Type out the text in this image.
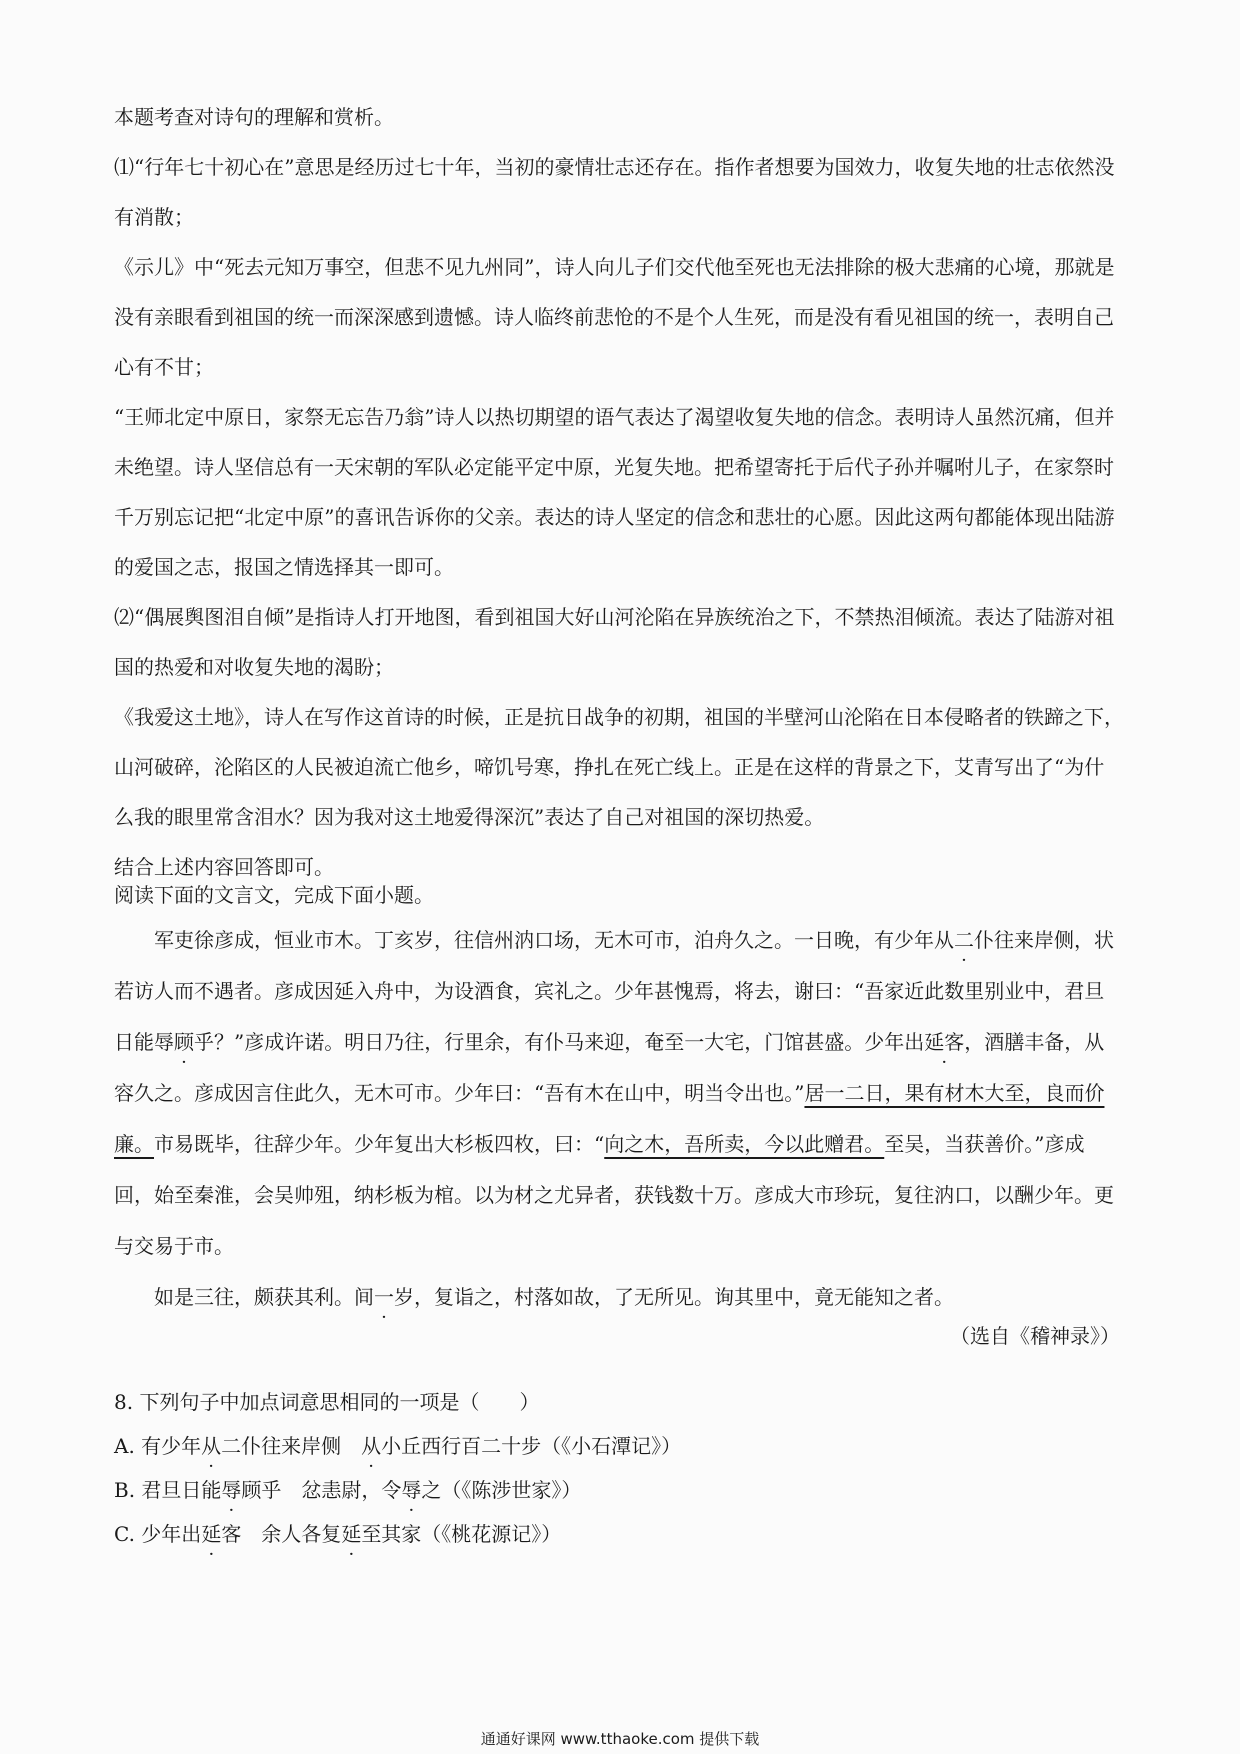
本题考查对诗句的理解和赏析。

⑴“行年七十初心在”意思是经历过七十年，当初的豪情壮志还存在。指作者想要为国效力，收复失地的壮志依然没有消散；

《示儿》中“死去元知万事空，但悲不见九州同”，诗人向儿子们交代他至死也无法排除的极大悲痛的心境，那就是没有亲眼看到祖国的统一而深深感到遗憾。诗人临终前悲怆的不是个人生死，而是没有看见祖国的统一，表明自己心有不甘；

“王师北定中原日，家祭无忘告乃翁”诗人以热切期望的语气表达了渴望收复失地的信念。表明诗人虽然沉痛，但并未绝望。诗人坚信总有一天宋朝的军队必定能平定中原，光复失地。把希望寄托于后代子孙并嘱咐儿子，在家祭时千万别忘记把“北定中原”的喜讯告诉你的父亲。表达的诗人坚定的信念和悲壮的心愿。因此这两句都能体现出陆游的爱国之志，报国之情选择其一即可。

⑵“偶展舆图泪自倾”是指诗人打开地图，看到祖国大好山河沦陷在异族统治之下，不禁热泪倾流。表达了陆游对祖国的热爱和对收复失地的渴盼；

《我爱这土地》，诗人在写作这首诗的时候，正是抗日战争的初期，祖国的半壁河山沦陷在日本侵略者的铁蹄之下，山河破碎，沦陷区的人民被迫流亡他乡，啼饥号寒，挣扎在死亡线上。正是在这样的背景之下，艾青写出了“为什么我的眼里常含泪水？因为我对这土地爱得深沉”表达了自己对祖国的深切热爱。

结合上述内容回答即可。

阅读下面的文言文，完成下面小题。

军吏徐彦成，恒业市木。丁亥岁，往信州汭口场，无木可市，泊舟久之。一日晚，有少年从二仆往来岸侧，状若访人而不遇者。彦成因延入舟中，为设酒食，宾礼之。少年甚愧焉，将去，谢曰：“吾家近此数里别业中，君旦日能辱顾乎？”彦成许诺。明日乃往，行里余，有仆马来迎，奄至一大宅，门馆甚盛。少年出延客，酒膳丰备，从容久之。彦成因言住此久，无木可市。少年曰：“吾有木在山中，明当令出也。”居一二日，果有材木大至，良而价廉。市易既毕，往辞少年。少年复出大杉板四枚，曰：“向之木，吾所卖，今以此赠君。至吴，当获善价。”彦成回，始至秦淮，会吴帅殂，纳杉板为棺。以为材之尤异者，获钱数十万。彦成大市珍玩，复往汭口，以酬少年。更与交易于市。

如是三往，颇获其利。间一岁，复诣之，村落如故，了无所见。询其里中，竟无能知之者。

（选自《稽神录》）

8. 下列句子中加点词意思相同的一项是（　　）

A. 有少年从二仆往来岸侧　从小丘西行百二十步（《小石潭记》）

B. 君旦日能辱顾乎　忿恚尉，令辱之（《陈涉世家》）

C. 少年出延客　余人各复延至其家（《桃花源记》）

通通好课网 www.tthaoke.com 提供下载
